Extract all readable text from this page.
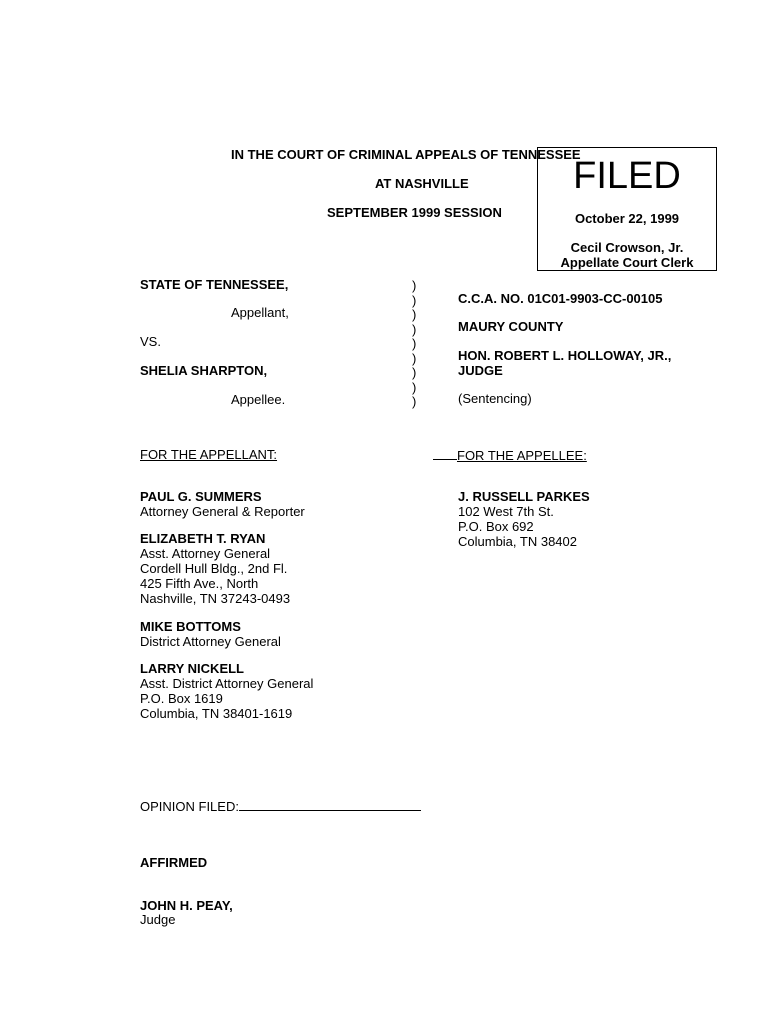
IN THE COURT OF CRIMINAL APPEALS OF TENNESSEE
AT NASHVILLE
SEPTEMBER 1999 SESSION
FILED
October 22, 1999
Cecil Crowson, Jr.
Appellate Court Clerk
STATE OF TENNESSEE,
Appellant,
VS.
SHELIA SHARPTON,
Appellee.
)
)
)
)
)
)
)
)
)
C.C.A. NO. 01C01-9903-CC-00105
MAURY COUNTY
HON. ROBERT L. HOLLOWAY, JR.,
JUDGE
(Sentencing)
FOR THE APPELLANT:	FOR THE APPELLEE:
PAUL G. SUMMERS
Attorney General & Reporter
ELIZABETH T. RYAN
Asst. Attorney General
Cordell Hull Bldg., 2nd Fl.
425 Fifth Ave., North
Nashville, TN 37243-0493
MIKE BOTTOMS
District Attorney General
LARRY NICKELL
Asst. District Attorney General
P.O. Box 1619
Columbia, TN 38401-1619
J. RUSSELL PARKES
102 West 7th St.
P.O. Box 692
Columbia, TN 38402
OPINION FILED:
AFFIRMED
JOHN H. PEAY,
Judge
